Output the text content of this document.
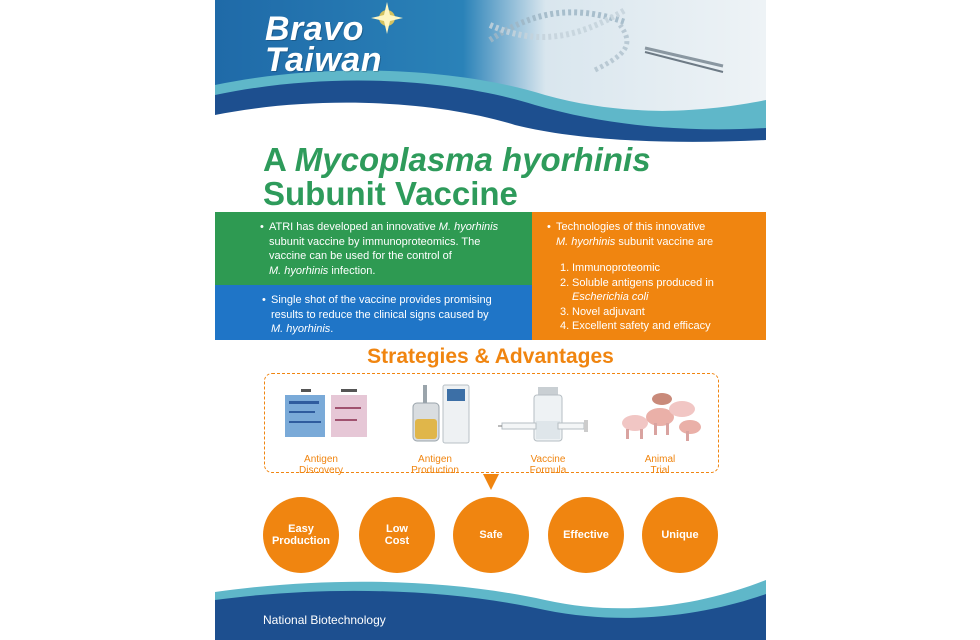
Bravo
Taiwan
A Mycoplasma hyorhinis
Subunit Vaccine
• ATRI has developed an innovative M. hyorhinis
subunit vaccine by immunoproteomics. The
vaccine can be used for the control of
M. hyorhinis infection.
• Single shot of the vaccine provides promising
results to reduce the clinical signs caused by
M. hyorhinis.
• Technologies of this innovative
M. hyorhinis subunit vaccine are
1. Immunoproteomic
2. Soluble antigens produced in
Escherichia coli
3. Novel adjuvant
4. Excellent safety and efficacy
Strategies & Advantages
Antigen
Discovery
Antigen
Production
Vaccine
Formula
Animal
Trial
Easy
Production
Low
Cost
Safe	Effective	Unique
National Biotechnology
